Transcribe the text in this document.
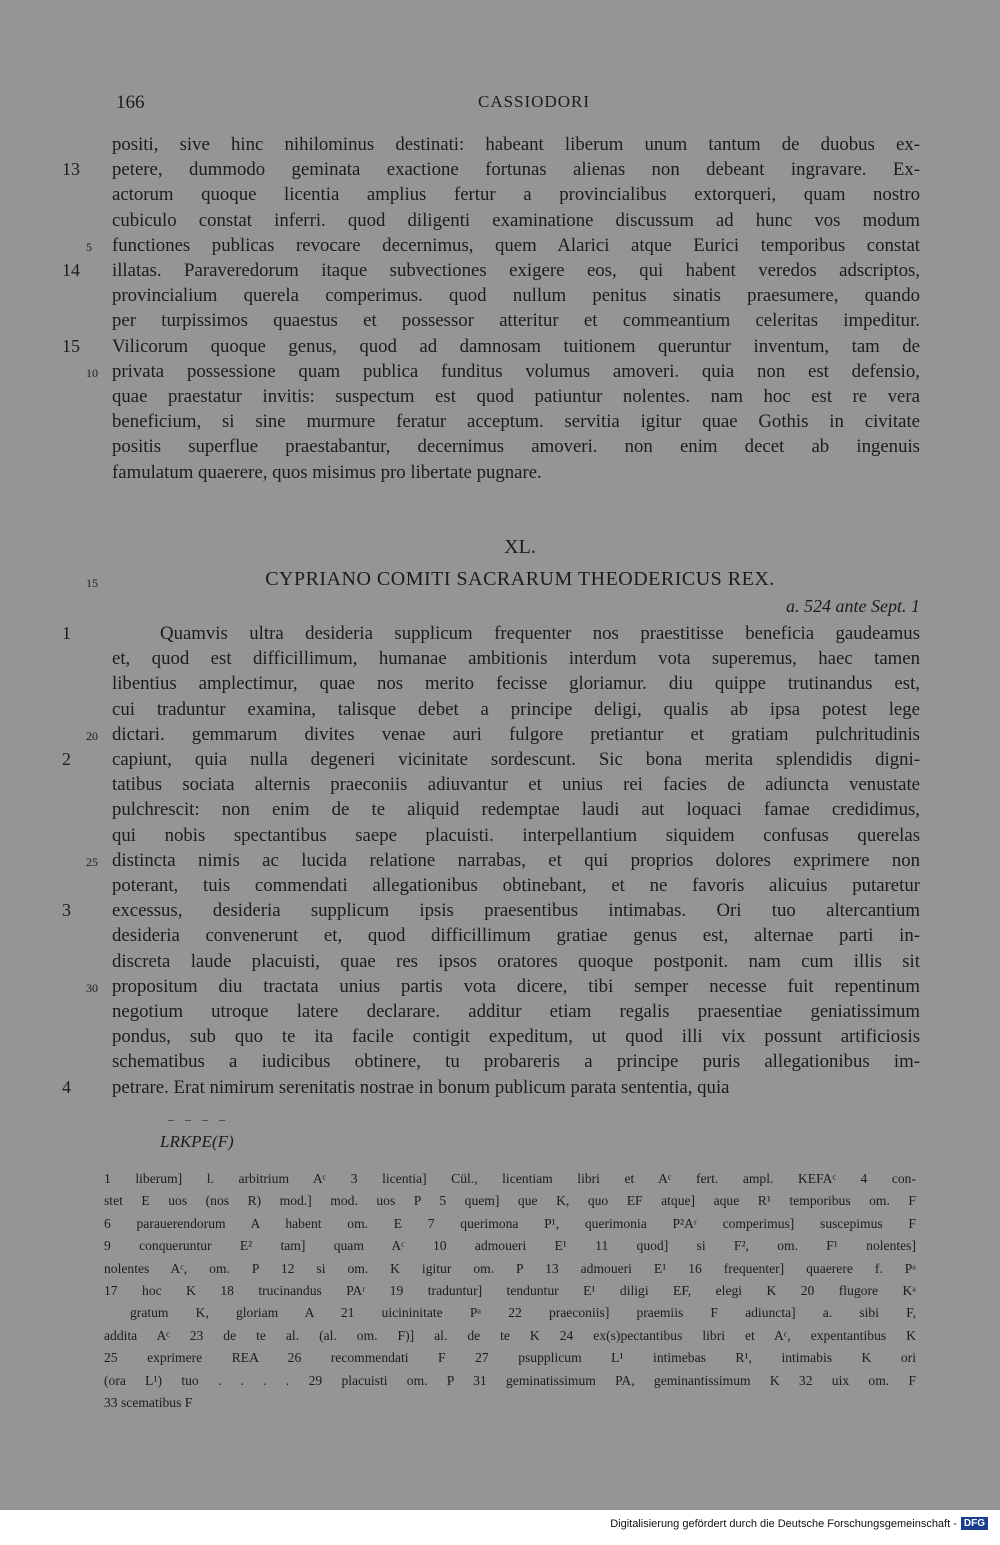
166	CASSIODORI
positi, sive hinc nihilominus destinati: habeant liberum unum tantum de duobus ex-
petere, dummodo geminata exactione fortunas alienas non debeant ingravare. Ex-
actorum quoque licentia amplius fertur a provincialibus extorqueri, quam nostro
cubiculo constat inferri. quod diligenti examinatione discussum ad hunc vos modum
functiones publicas revocare decernimus, quem Alarici atque Eurici temporibus constat
illatas. Paraveredorum itaque subvectiones exigere eos, qui habent veredos adscriptos,
provincialium querela comperimus. quod nullum penitus sinatis praesumere, quando
per turpissimos quaestus et possessor atteritur et commeantium celeritas impeditur.
Vilicorum quoque genus, quod ad damnosam tuitionem queruntur inventum, tam de
privata possessione quam publica funditus volumus amoveri. quia non est defensio,
quae praestatur invitis: suspectum est quod patiuntur nolentes. nam hoc est re vera
beneficium, si sine murmure feratur acceptum. servitia igitur quae Gothis in civitate
positis superflue praestabantur, decernimus amoveri. non enim decet ab ingenuis
famulatum quaerere, quos misimus pro libertate pugnare.
13
5
14
15
10
XL.
15	CYPRIANO COMITI SACRARUM THEODERICUS REX.
a. 524 ante Sept. 1
Quamvis ultra desideria supplicum frequenter nos praestitisse beneficia gaudeamus
et, quod est difficillimum, humanae ambitionis interdum vota superemus, haec tamen
libentius amplectimur, quae nos merito fecisse gloriamur. diu quippe trutinandus est,
cui traduntur examina, talisque debet a principe deligi, qualis ab ipsa potest lege
dictari. gemmarum divites venae auri fulgore pretiantur et gratiam pulchritudinis
capiunt, quia nulla degeneri vicinitate sordescunt. Sic bona merita splendidis digni-
tatibus sociata alternis praeconiis adiuvantur et unius rei facies de adiuncta venustate
pulchrescit: non enim de te aliquid redemptae laudi aut loquaci famae credidimus,
qui nobis spectantibus saepe placuisti. interpellantium siquidem confusas querelas
distincta nimis ac lucida relatione narrabas, et qui proprios dolores exprimere non
poterant, tuis commendati allegationibus obtinebant, et ne favoris alicuius putaretur
excessus, desideria supplicum ipsis praesentibus intimabas. Ori tuo altercantium
desideria convenerunt et, quod difficillimum gratiae genus est, alternae parti in-
discreta laude placuisti, quae res ipsos oratores quoque postponit. nam cum illis sit
propositum diu tractata unius partis vota dicere, tibi semper necesse fuit repentinum
negotium utroque latere declarare. additur etiam regalis praesentiae geniatissimum
pondus, sub quo te ita facile contigit expeditum, ut quod illi vix possunt artificiosis
schematibus a iudicibus obtinere, tu probareris a principe puris allegationibus im-
petrare. Erat nimirum serenitatis nostrae in bonum publicum parata sententia, quia
1
20
2
25
3
30
4
– – – –
LRKPE(F)
1 liberum] l. arbitrium Aᶜ 3 licentia] Cül., licentiam libri et Aᶜ fert. ampl. KEFAᶜ 4 con-
stet E uos (nos R) mod.] mod. uos P 5 quem] que K, quo EF atque] aque R¹ temporibus om. F
6 parauerendorum A habent om. E 7 querimona P¹, querimonia P²Aʳ comperimus] suscepimus F
9 conqueruntur E² tam] quam Aᶜ 10 admoueri E¹ 11 quod] si F², om. F¹ nolentes]
nolentes Aᶜ, om. P 12 si om. K igitur om. P 13 admoueri E¹ 16 frequenter] quaerere f. Pᵃ
17 hoc K 18 trucinandus PAʳ 19 traduntur] tenduntur E¹ diligi EF, elegi K 20 flugore Kᵃ
gratum K, gloriam A 21 uicininitate Pᵃ 22 praeconiis] praemiis F adiuncta] a. sibi F,
addita Aᶜ 23 de te al. (al. om. F)] al. de te K 24 ex(s)pectantibus libri et Aᶜ, expentantibus K
25 exprimere REA 26 recommendati F 27 psupplicum L¹ intimebas R¹, intimabis K ori
(ora L¹) tuo . . . . 29 placuisti om. P 31 geminatissimum PA, geminantissimum K 32 uix om. F
33 scematibus F
Digitalisierung gefördert durch die Deutsche Forschungsgemeinschaft - DFG
